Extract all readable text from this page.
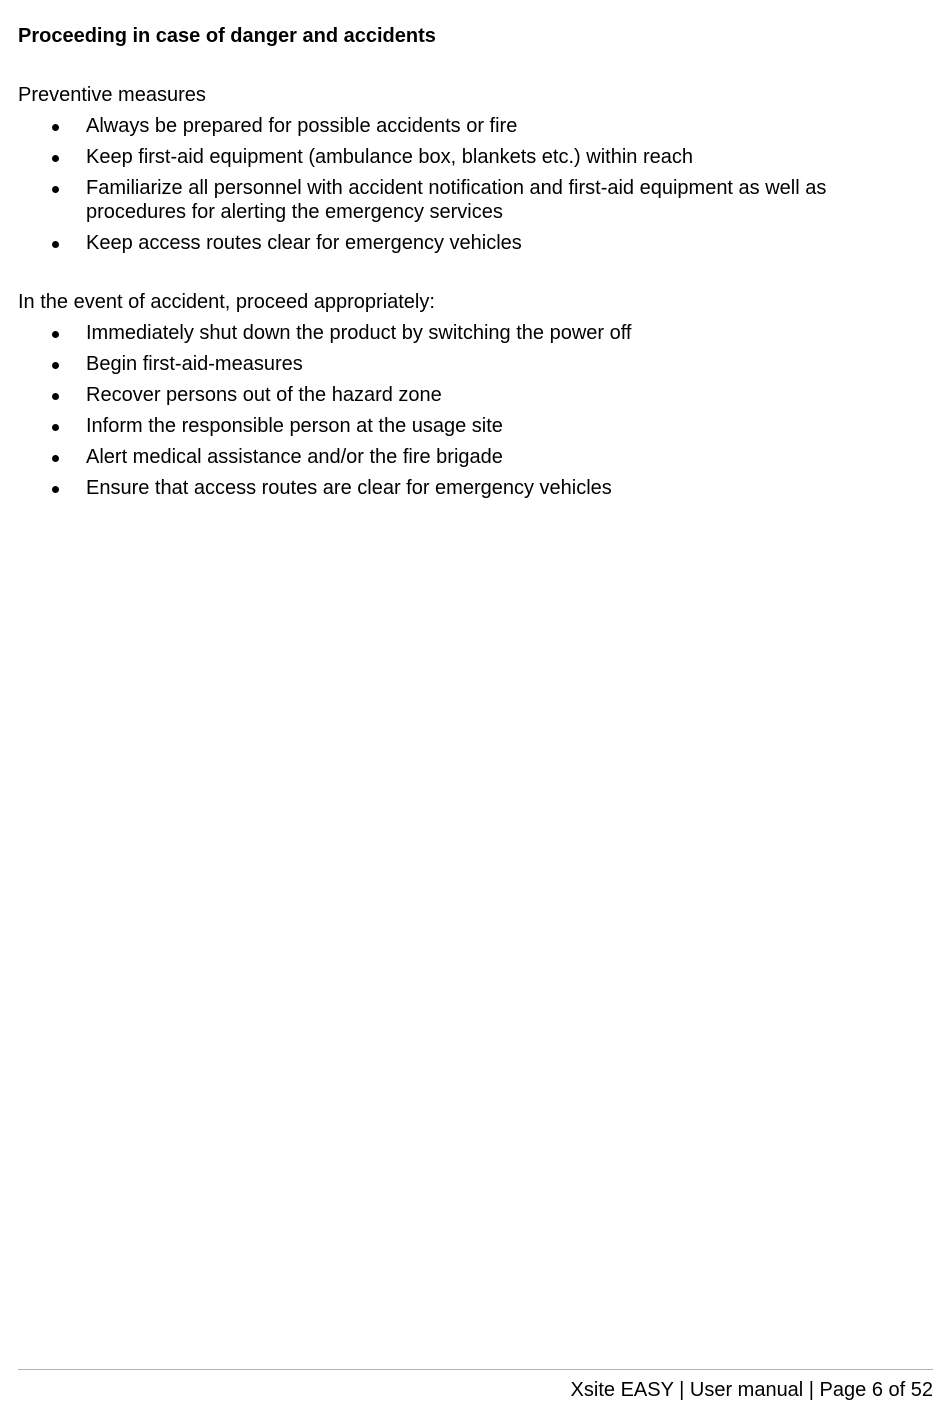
Proceeding in case of danger and accidents
Preventive measures
Always be prepared for possible accidents or fire
Keep first-aid equipment (ambulance box, blankets etc.) within reach
Familiarize all personnel with accident notification and first-aid equipment as well as procedures for alerting the emergency services
Keep access routes clear for emergency vehicles
In the event of accident, proceed appropriately:
Immediately shut down the product by switching the power off
Begin first-aid-measures
Recover persons out of the hazard zone
Inform the responsible person at the usage site
Alert medical assistance and/or the fire brigade
Ensure that access routes are clear for emergency vehicles
Xsite EASY | User manual | Page 6 of 52
